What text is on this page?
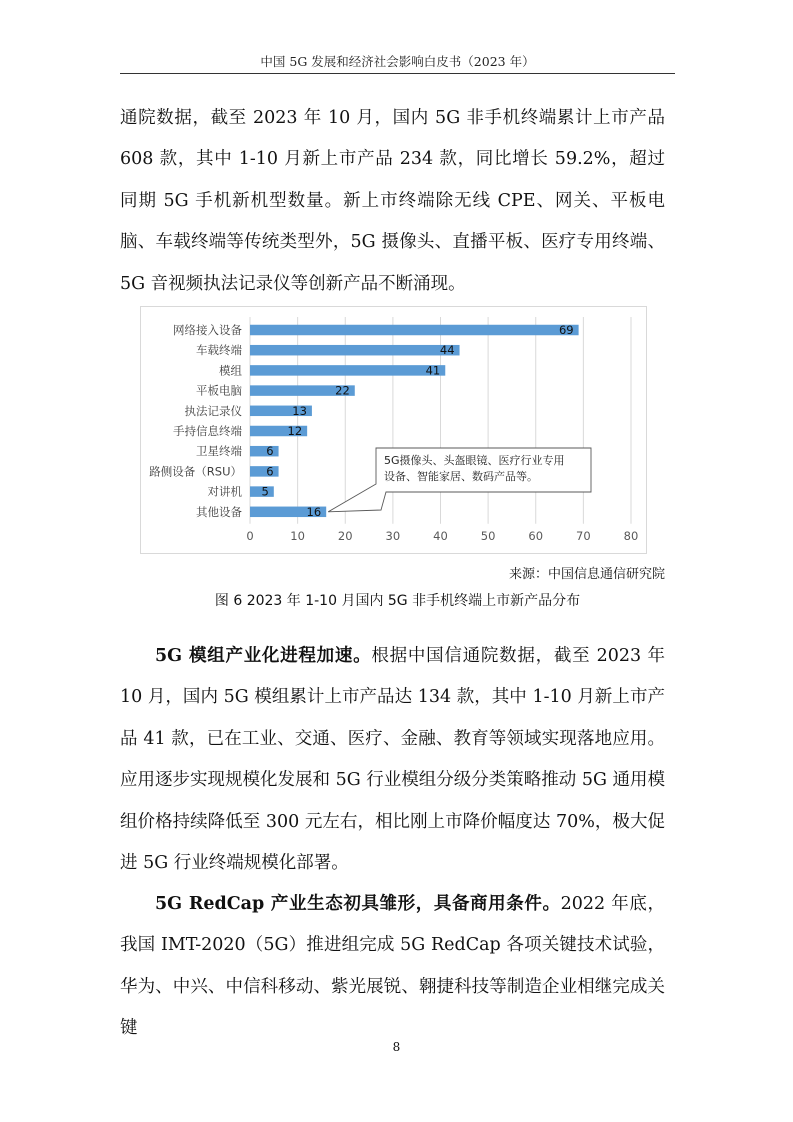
中国 5G 发展和经济社会影响白皮书（2023 年）

通院数据，截至 2023 年 10 月，国内 5G 非手机终端累计上市产品 608 款，其中 1-10 月新上市产品 234 款，同比增长 59.2%，超过同期 5G 手机新机型数量。新上市终端除无线 CPE、网关、平板电脑、车载终端等传统类型外，5G 摄像头、直播平板、医疗专用终端、5G 音视频执法记录仪等创新产品不断涌现。

0	10	20	30	40	50	60	70	80
网络接入设备	69
车载终端	44
模组	41
平板电脑	22
执法记录仪	13
手持信息终端	12
卫星终端 6
路侧设备（RSU） 6
对讲机 5
其他设备	16
5G摄像头、头盔眼镜、医疗行业专用
设备、智能家居、数码产品等。
来源：中国信息通信研究院
图 6 2023 年 1-10 月国内 5G 非手机终端上市新产品分布

5G 模组产业化进程加速。根据中国信通院数据，截至 2023 年 10 月，国内 5G 模组累计上市产品达 134 款，其中 1-10 月新上市产品 41 款，已在工业、交通、医疗、金融、教育等领域实现落地应用。应用逐步实现规模化发展和 5G 行业模组分级分类策略推动 5G 通用模组价格持续降低至 300 元左右，相比刚上市降价幅度达 70%，极大促进 5G 行业终端规模化部署。

5G RedCap 产业生态初具雏形，具备商用条件。2022 年底，我国 IMT-2020（5G）推进组完成 5G RedCap 各项关键技术试验，华为、中兴、中信科移动、紫光展锐、翱捷科技等制造企业相继完成关键

8
